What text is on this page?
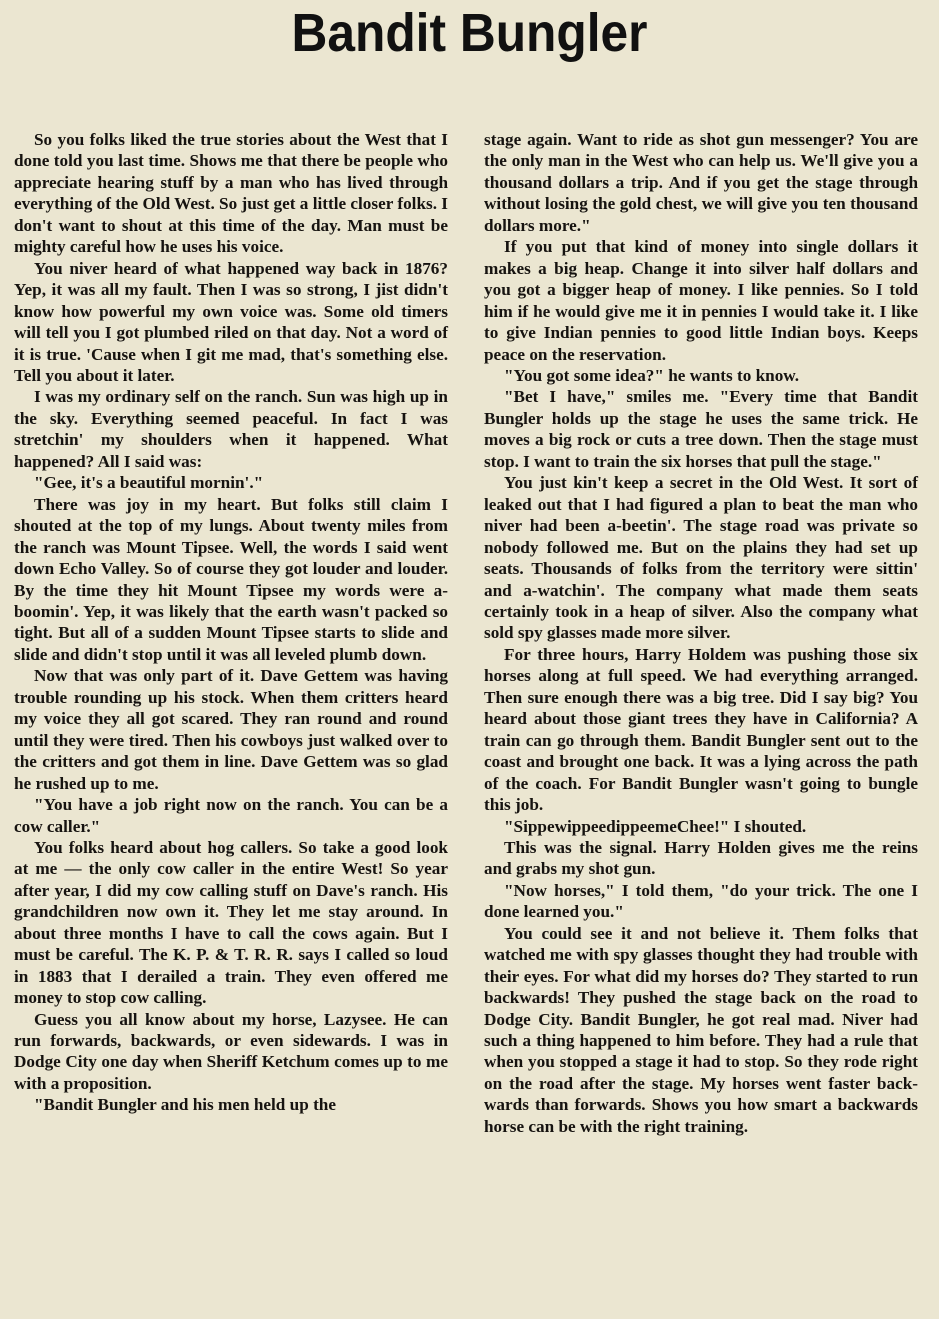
Bandit Bungler

So you folks liked the true stories about the West that I done told you last time. Shows me that there be people who appreciate hearing stuff by a man who has lived through everything of the Old West. So just get a little closer folks. I don't want to shout at this time of the day. Man must be mighty careful how he uses his voice.

You niver heard of what happened way back in 1876? Yep, it was all my fault. Then I was so strong, I jist didn't know how powerful my own voice was. Some old timers will tell you I got plumbed riled on that day. Not a word of it is true. 'Cause when I git me mad, that's something else. Tell you about it later.

I was my ordinary self on the ranch. Sun was high up in the sky. Everything seemed peaceful. In fact I was stretchin' my shoulders when it happened. What happened? All I said was:

"Gee, it's a beautiful mornin'."

There was joy in my heart. But folks still claim I shouted at the top of my lungs. About twenty miles from the ranch was Mount Tipsee. Well, the words I said went down Echo Valley. So of course they got louder and louder. By the time they hit Mount Tipsee my words were a-boomin'. Yep, it was likely that the earth wasn't packed so tight. But all of a sudden Mount Tipsee starts to slide and slide and didn't stop until it was all leveled plumb down.

Now that was only part of it. Dave Gettem was having trouble rounding up his stock. When them critters heard my voice they all got scared. They ran round and round until they were tired. Then his cowboys just walked over to the critters and got them in line. Dave Gettem was so glad he rushed up to me.

"You have a job right now on the ranch. You can be a cow caller."

You folks heard about hog callers. So take a good look at me — the only cow caller in the entire West! So year after year, I did my cow calling stuff on Dave's ranch. His grandchildren now own it. They let me stay around. In about three months I have to call the cows again. But I must be careful. The K. P. & T. R. R. says I called so loud in 1883 that I derailed a train. They even offered me money to stop cow calling.

Guess you all know about my horse, Lazysee. He can run forwards, backwards, or even sidewards. I was in Dodge City one day when Sheriff Ketchum comes up to me with a proposition.

"Bandit Bungler and his men held up the

stage again. Want to ride as shot gun messenger? You are the only man in the West who can help us. We'll give you a thousand dollars a trip. And if you get the stage through without losing the gold chest, we will give you ten thousand dollars more."

If you put that kind of money into single dollars it makes a big heap. Change it into silver half dollars and you got a bigger heap of money. I like pennies. So I told him if he would give me it in pennies I would take it. I like to give Indian pennies to good little Indian boys. Keeps peace on the reservation.

"You got some idea?" he wants to know.

"Bet I have," smiles me. "Every time that Bandit Bungler holds up the stage he uses the same trick. He moves a big rock or cuts a tree down. Then the stage must stop. I want to train the six horses that pull the stage."

You just kin't keep a secret in the Old West. It sort of leaked out that I had figured a plan to beat the man who niver had been a-beetin'. The stage road was private so nobody followed me. But on the plains they had set up seats. Thousands of folks from the territory were sittin' and a-watchin'. The company what made them seats certainly took in a heap of silver. Also the company what sold spy glasses made more silver.

For three hours, Harry Holdem was pushing those six horses along at full speed. We had everything arranged. Then sure enough there was a big tree. Did I say big? You heard about those giant trees they have in California? A train can go through them. Bandit Bungler sent out to the coast and brought one back. It was a lying across the path of the coach. For Bandit Bungler wasn't going to bungle this job.

"SippewippeedippeemeChee!" I shouted.

This was the signal. Harry Holden gives me the reins and grabs my shot gun.

"Now horses," I told them, "do your trick. The one I done learned you."

You could see it and not believe it. Them folks that watched me with spy glasses thought they had trouble with their eyes. For what did my horses do? They started to run backwards! They pushed the stage back on the road to Dodge City. Bandit Bungler, he got real mad. Niver had such a thing happened to him before. They had a rule that when you stopped a stage it had to stop. So they rode right on the road after the stage. My horses went faster backwards than forwards. Shows you how smart a backwards horse can be with the right training.
